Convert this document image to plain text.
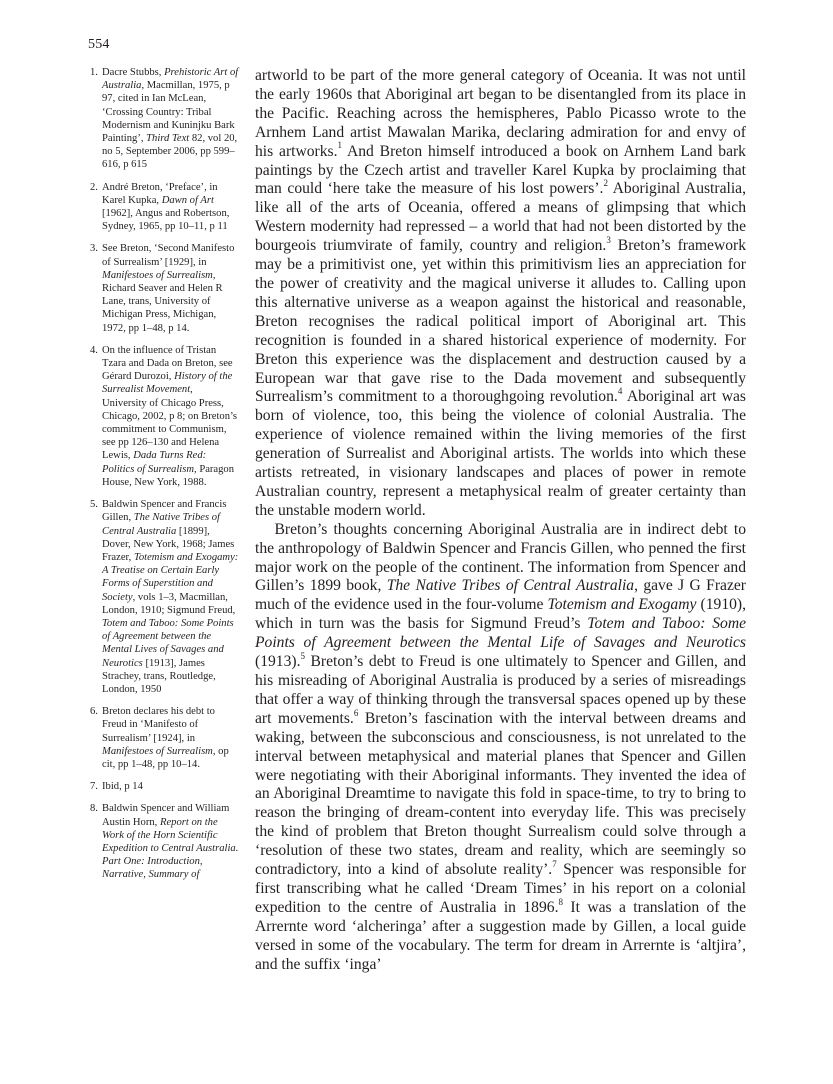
554
1. Dacre Stubbs, Prehistoric Art of Australia, Macmillan, 1975, p 97, cited in Ian McLean, ‘Crossing Country: Tribal Modernism and Kuninjku Bark Painting’, Third Text 82, vol 20, no 5, September 2006, pp 599–616, p 615
2. André Breton, ‘Preface’, in Karel Kupka, Dawn of Art [1962], Angus and Robertson, Sydney, 1965, pp 10–11, p 11
3. See Breton, ‘Second Manifesto of Surrealism’ [1929], in Manifestoes of Surrealism, Richard Seaver and Helen R Lane, trans, University of Michigan Press, Michigan, 1972, pp 1–48, p 14.
4. On the influence of Tristan Tzara and Dada on Breton, see Gérard Durozoi, History of the Surrealist Movement, University of Chicago Press, Chicago, 2002, p 8; on Breton’s commitment to Communism, see pp 126–130 and Helena Lewis, Dada Turns Red: Politics of Surrealism, Paragon House, New York, 1988.
5. Baldwin Spencer and Francis Gillen, The Native Tribes of Central Australia [1899], Dover, New York, 1968; James Frazer, Totemism and Exogamy: A Treatise on Certain Early Forms of Superstition and Society, vols 1–3, Macmillan, London, 1910; Sigmund Freud, Totem and Taboo: Some Points of Agreement between the Mental Lives of Savages and Neurotics [1913], James Strachey, trans, Routledge, London, 1950
6. Breton declares his debt to Freud in ‘Manifesto of Surrealism’ [1924], in Manifestoes of Surrealism, op cit, pp 1–48, pp 10–14.
7. Ibid, p 14
8. Baldwin Spencer and William Austin Horn, Report on the Work of the Horn Scientific Expedition to Central Australia. Part One: Introduction, Narrative, Summary of

artworld to be part of the more general category of Oceania. It was not until the early 1960s that Aboriginal art began to be disentangled from its place in the Pacific. Reaching across the hemispheres, Pablo Picasso wrote to the Arnhem Land artist Mawalan Marika, declaring admiration for and envy of his artworks.$^1$ And Breton himself introduced a book on Arnhem Land bark paintings by the Czech artist and traveller Karel Kupka by proclaiming that man could ‘here take the measure of his lost powers’.$^2$ Aboriginal Australia, like all of the arts of Oceania, offered a means of glimpsing that which Western modernity had repressed – a world that had not been distorted by the bourgeois triumvirate of family, country and religion.$^3$ Breton’s framework may be a primitivist one, yet within this primitivism lies an appreciation for the power of creativity and the magical universe it alludes to. Calling upon this alternative universe as a weapon against the historical and reasonable, Breton recognises the radical political import of Aboriginal art. This recognition is founded in a shared historical experience of modernity. For Breton this experience was the displacement and destruction caused by a European war that gave rise to the Dada movement and subsequently Surrealism’s commitment to a thoroughgoing revolution.$^4$ Aboriginal art was born of violence, too, this being the violence of colonial Australia. The experience of violence remained within the living memories of the first generation of Surrealist and Aboriginal artists. The worlds into which these artists retreated, in visionary landscapes and places of power in remote Australian country, represent a metaphysical realm of greater certainty than the unstable modern world.

Breton’s thoughts concerning Aboriginal Australia are in indirect debt to the anthropology of Baldwin Spencer and Francis Gillen, who penned the first major work on the people of the continent. The information from Spencer and Gillen’s 1899 book, The Native Tribes of Central Australia, gave J G Frazer much of the evidence used in the four-volume Totemism and Exogamy (1910), which in turn was the basis for Sigmund Freud’s Totem and Taboo: Some Points of Agreement between the Mental Life of Savages and Neurotics (1913).$^5$ Breton’s debt to Freud is one ultimately to Spencer and Gillen, and his misreading of Aboriginal Australia is produced by a series of misreadings that offer a way of thinking through the transversal spaces opened up by these art movements.$^6$ Breton’s fascination with the interval between dreams and waking, between the subconscious and consciousness, is not unrelated to the interval between metaphysical and material planes that Spencer and Gillen were negotiating with their Aboriginal informants. They invented the idea of an Aboriginal Dreamtime to navigate this fold in space-time, to try to bring to reason the bringing of dream-content into everyday life. This was precisely the kind of problem that Breton thought Surrealism could solve through a ‘resolution of these two states, dream and reality, which are seemingly so contradictory, into a kind of absolute reality’.$^7$ Spencer was responsible for first transcribing what he called ‘Dream Times’ in his report on a colonial expedition to the centre of Australia in 1896.$^8$ It was a translation of the Arrernte word ‘alcheringa’ after a suggestion made by Gillen, a local guide versed in some of the vocabulary. The term for dream in Arrernte is ‘altjira’, and the suffix ‘inga’
